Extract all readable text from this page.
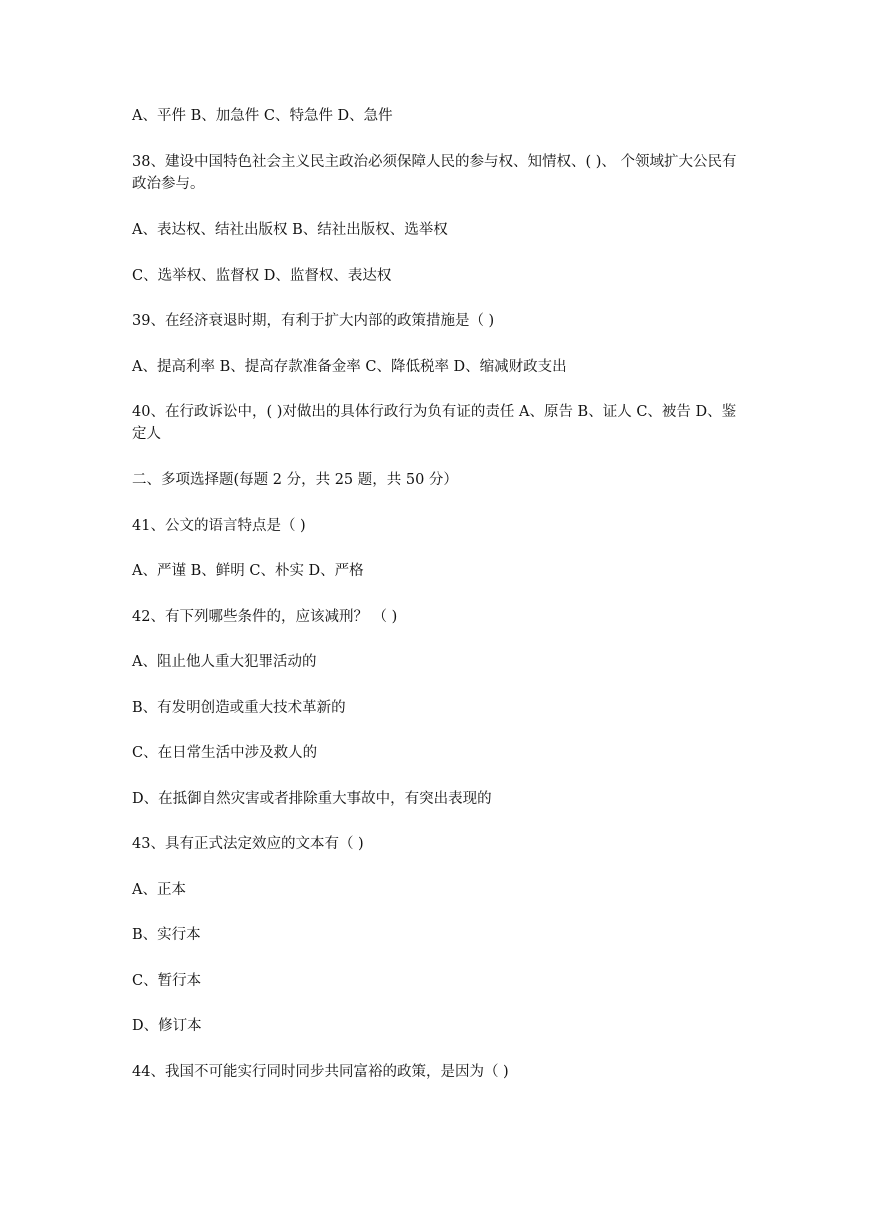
A、平件 B、加急件 C、特急件 D、急件
38、建设中国特色社会主义民主政治必须保障人民的参与权、知情权、( )、 个领域扩大公民有政治参与。
A、表达权、结社出版权 B、结社出版权、选举权
C、选举权、监督权 D、监督权、表达权
39、在经济衰退时期，有利于扩大内部的政策措施是（ )
A、提高利率 B、提高存款准备金率 C、降低税率 D、缩减财政支出
40、在行政诉讼中，( )对做出的具体行政行为负有证的责任 A、原告 B、证人 C、被告 D、鉴定人
二、多项选择题(每题 2 分，共 25 题，共 50 分）
41、公文的语言特点是（ )
A、严谨 B、鲜明 C、朴实 D、严格
42、有下列哪些条件的，应该减刑？ （ )
A、阻止他人重大犯罪活动的
B、有发明创造或重大技术革新的
C、在日常生活中涉及救人的
D、在抵御自然灾害或者排除重大事故中，有突出表现的
43、具有正式法定效应的文本有（ )
A、正本
B、实行本
C、暂行本
D、修订本
44、我国不可能实行同时同步共同富裕的政策，是因为（ )
